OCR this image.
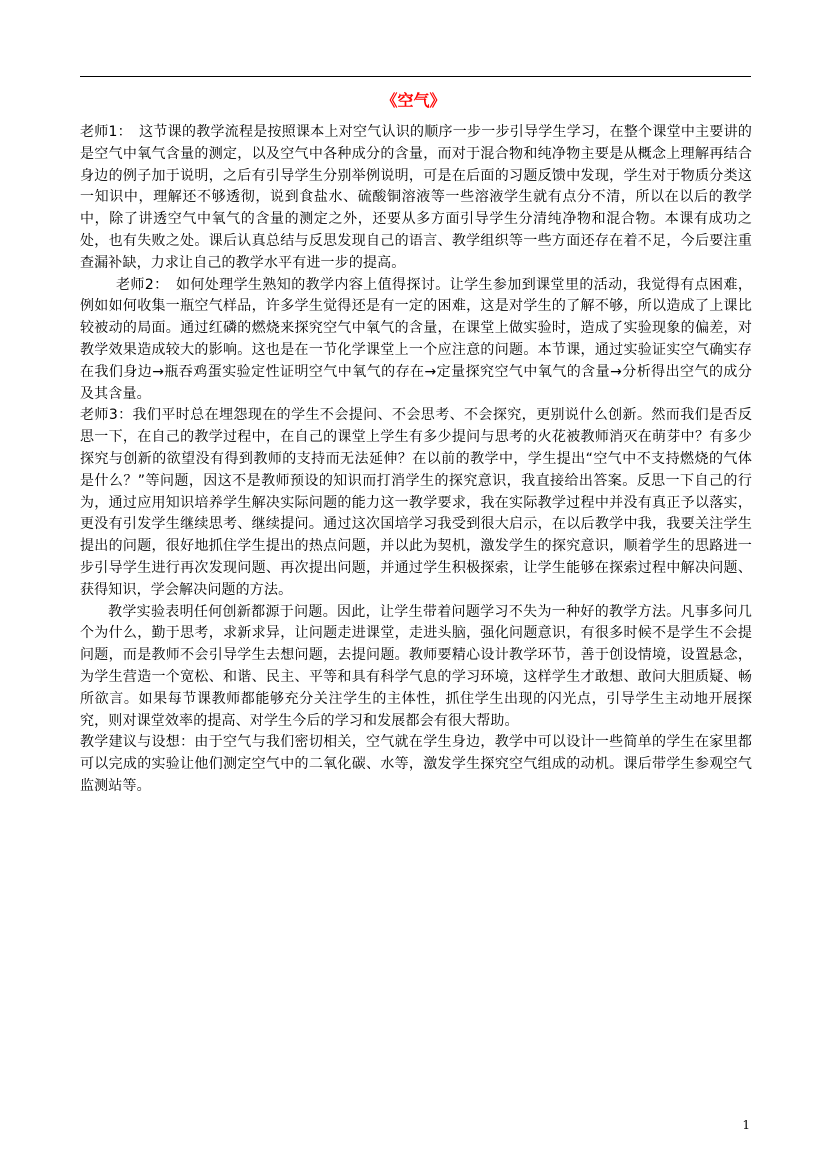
《空气》

老师1：　这节课的教学流程是按照课本上对空气认识的顺序一步一步引导学生学习，在整个课堂中主要讲的是空气中氧气含量的测定，以及空气中各种成分的含量，而对于混合物和纯净物主要是从概念上理解再结合身边的例子加于说明，之后有引导学生分别举例说明，可是在后面的习题反馈中发现，学生对于物质分类这一知识中，理解还不够透彻，说到食盐水、硫酸铜溶液等一些溶液学生就有点分不清，所以在以后的教学中，除了讲透空气中氧气的含量的测定之外，还要从多方面引导学生分清纯净物和混合物。本课有成功之处，也有失败之处。课后认真总结与反思发现自己的语言、教学组织等一些方面还存在着不足，今后要注重查漏补缺，力求让自己的教学水平有进一步的提高。

老师2：　如何处理学生熟知的教学内容上值得探讨。让学生参加到课堂里的活动，我觉得有点困难，例如如何收集一瓶空气样品，许多学生觉得还是有一定的困难，这是对学生的了解不够，所以造成了上课比较被动的局面。通过红磷的燃烧来探究空气中氧气的含量，在课堂上做实验时，造成了实验现象的偏差，对教学效果造成较大的影响。这也是在一节化学课堂上一个应注意的问题。本节课，通过实验证实空气确实存在我们身边→瓶吞鸡蛋实验定性证明空气中氧气的存在→定量探究空气中氧气的含量→分析得出空气的成分及其含量。

老师3：我们平时总在埋怨现在的学生不会提问、不会思考、不会探究，更别说什么创新。然而我们是否反思一下，在自己的教学过程中，在自己的课堂上学生有多少提问与思考的火花被教师消灭在萌芽中？有多少探究与创新的欲望没有得到教师的支持而无法延伸？在以前的教学中，学生提出“空气中不支持燃烧的气体是什么？”等问题，因这不是教师预设的知识而打消学生的探究意识，我直接给出答案。反思一下自己的行为，通过应用知识培养学生解决实际问题的能力这一教学要求，我在实际教学过程中并没有真正予以落实，更没有引发学生继续思考、继续提问。通过这次国培学习我受到很大启示，在以后教学中我，我要关注学生提出的问题，很好地抓住学生提出的热点问题，并以此为契机，激发学生的探究意识，顺着学生的思路进一步引导学生进行再次发现问题、再次提出问题，并通过学生积极探索，让学生能够在探索过程中解决问题、获得知识，学会解决问题的方法。

教学实验表明任何创新都源于问题。因此，让学生带着问题学习不失为一种好的教学方法。凡事多问几个为什么，勤于思考，求新求异，让问题走进课堂，走进头脑，强化问题意识，有很多时候不是学生不会提问题，而是教师不会引导学生去想问题，去提问题。教师要精心设计教学环节，善于创设情境，设置悬念，为学生营造一个宽松、和谐、民主、平等和具有科学气息的学习环境，这样学生才敢想、敢问大胆质疑、畅所欲言。如果每节课教师都能够充分关注学生的主体性，抓住学生出现的闪光点，引导学生主动地开展探究，则对课堂效率的提高、对学生今后的学习和发展都会有很大帮助。

教学建议与设想：由于空气与我们密切相关，空气就在学生身边，教学中可以设计一些简单的学生在家里都可以完成的实验让他们测定空气中的二氧化碳、水等，激发学生探究空气组成的动机。课后带学生参观空气监测站等。

1
